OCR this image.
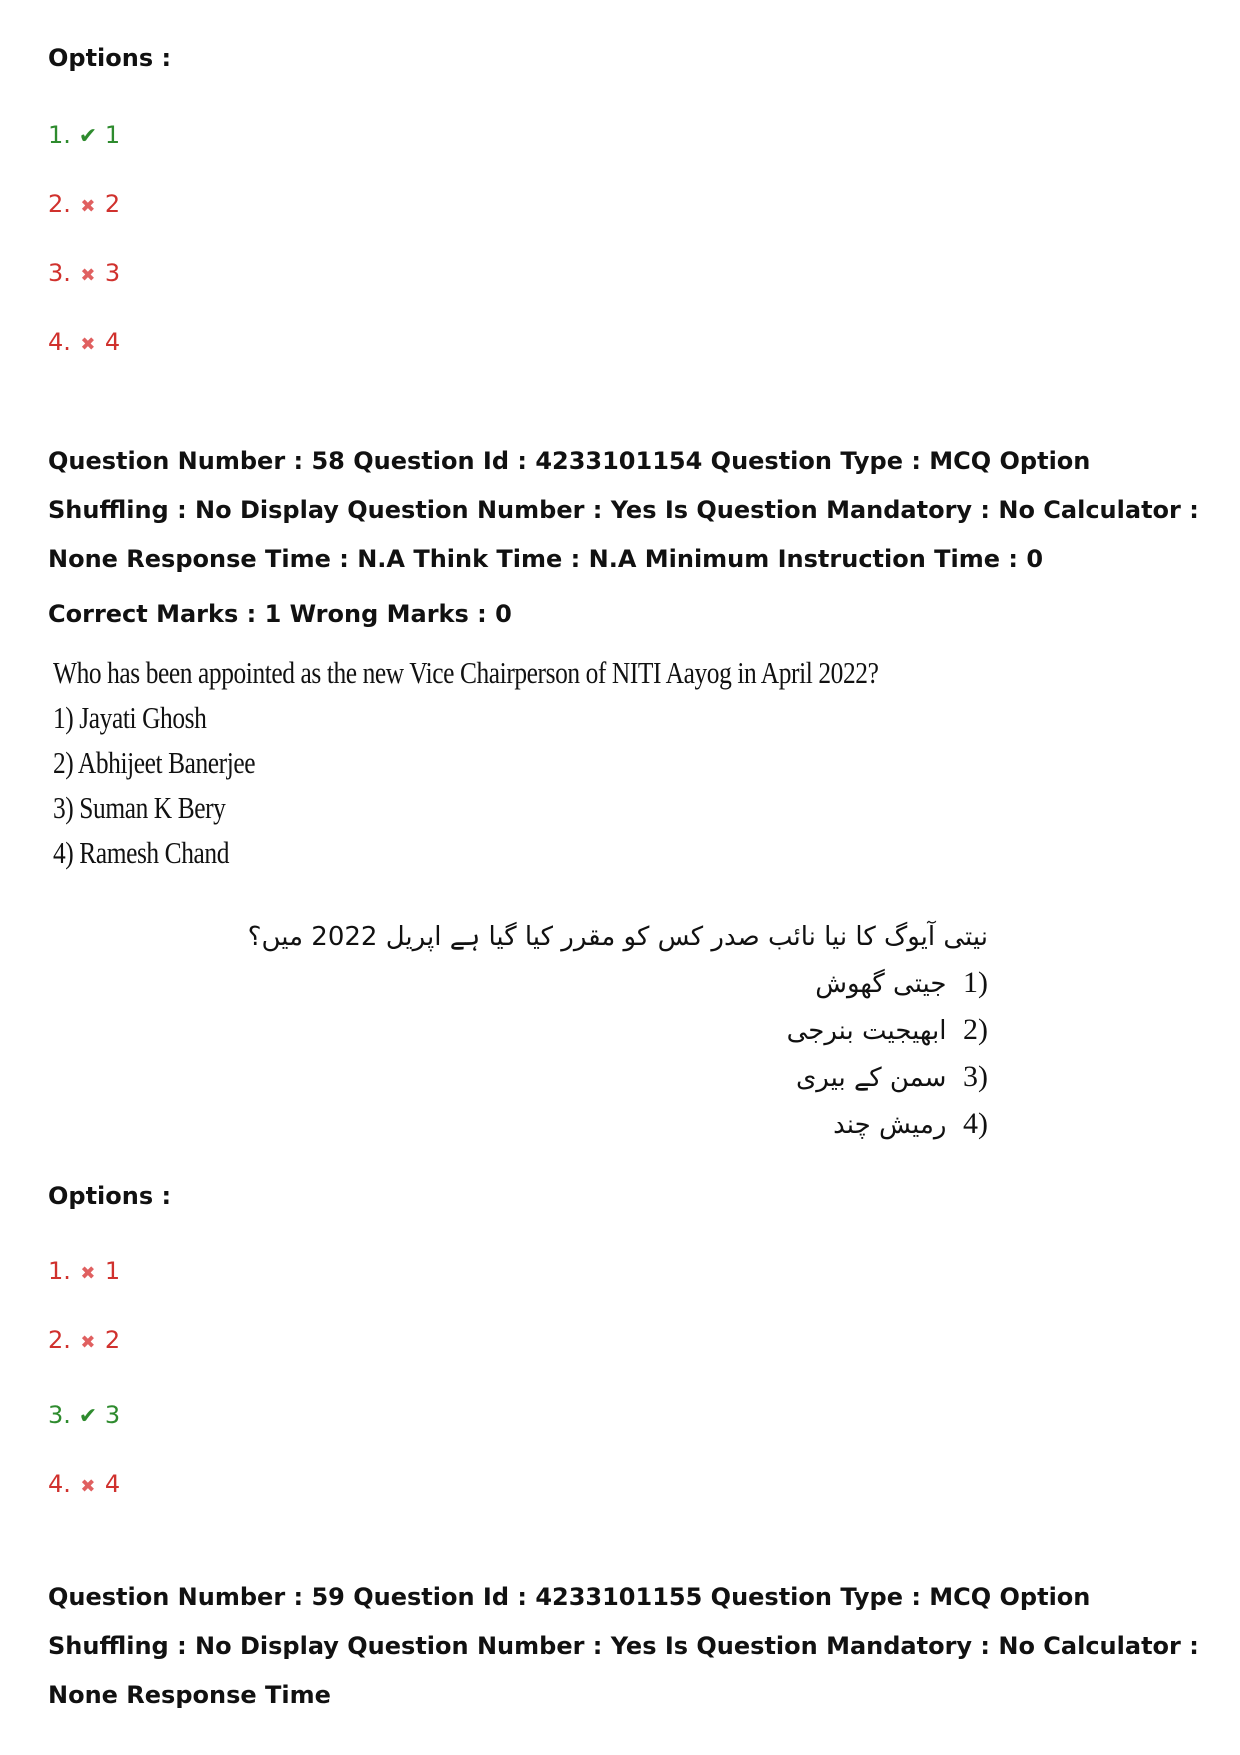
Options :
1. ✔ 1
2. ✖ 2
3. ✖ 3
4. ✖ 4
Question Number : 58 Question Id : 4233101154 Question Type : MCQ Option Shuffling : No Display Question Number : Yes Is Question Mandatory : No Calculator : None Response Time : N.A Think Time : N.A Minimum Instruction Time : 0
Correct Marks : 1 Wrong Marks : 0
Who has been appointed as the new Vice Chairperson of NITI Aayog in April 2022?
1) Jayati Ghosh
2) Abhijeet Banerjee
3) Suman K Bery
4) Ramesh Chand
نیتی آیوگ کا نیا نائب صدر کس کو مقرر کیا گیا ہے اپریل 2022 میں؟
1)  جیتی گھوش
2)  ابھیجیت بنرجی
3)  سمن کے بیری
4)  رمیش چند
Options :
1. ✖ 1
2. ✖ 2
3. ✔ 3
4. ✖ 4
Question Number : 59 Question Id : 4233101155 Question Type : MCQ Option Shuffling : No Display Question Number : Yes Is Question Mandatory : No Calculator : None Response Time
